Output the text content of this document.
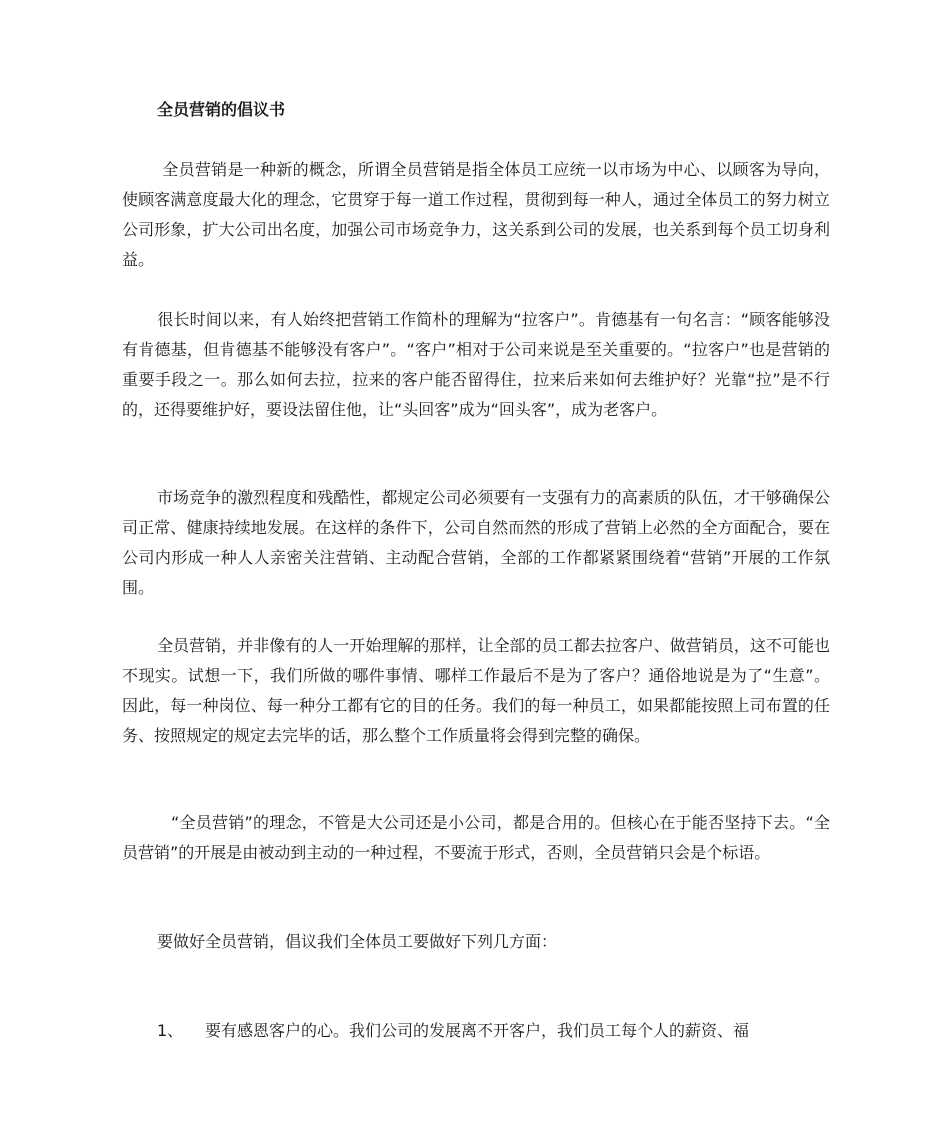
全员营销的倡议书

全员营销是一种新的概念，所谓全员营销是指全体员工应统一以市场为中心、以顾客为导向，使顾客满意度最大化的理念，它贯穿于每一道工作过程，贯彻到每一种人，通过全体员工的努力树立公司形象，扩大公司出名度，加强公司市场竞争力，这关系到公司的发展，也关系到每个员工切身利益。

很长时间以来，有人始终把营销工作简朴的理解为“拉客户”。肯德基有一句名言：“顾客能够没有肯德基，但肯德基不能够没有客户”。“客户”相对于公司来说是至关重要的。“拉客户”也是营销的重要手段之一。那么如何去拉，拉来的客户能否留得住，拉来后来如何去维护好？光靠“拉”是不行的，还得要维护好，要设法留住他，让“头回客”成为“回头客”，成为老客户。

市场竞争的激烈程度和残酷性，都规定公司必须要有一支强有力的高素质的队伍，才干够确保公司正常、健康持续地发展。在这样的条件下，公司自然而然的形成了营销上必然的全方面配合，要在公司内形成一种人人亲密关注营销、主动配合营销，全部的工作都紧紧围绕着“营销”开展的工作氛围。

全员营销，并非像有的人一开始理解的那样，让全部的员工都去拉客户、做营销员，这不可能也不现实。试想一下，我们所做的哪件事情、哪样工作最后不是为了客户？通俗地说是为了“生意”。 因此，每一种岗位、每一种分工都有它的目的任务。我们的每一种员工，如果都能按照上司布置的任务、按照规定的规定去完毕的话，那么整个工作质量将会得到完整的确保。

“全员营销”的理念，不管是大公司还是小公司，都是合用的。但核心在于能否坚持下去。“全员营销”的开展是由被动到主动的一种过程，不要流于形式，否则，全员营销只会是个标语。

要做好全员营销，倡议我们全体员工要做好下列几方面：

1、 要有感恩客户的心。我们公司的发展离不开客户，我们员工每个人的薪资、福
